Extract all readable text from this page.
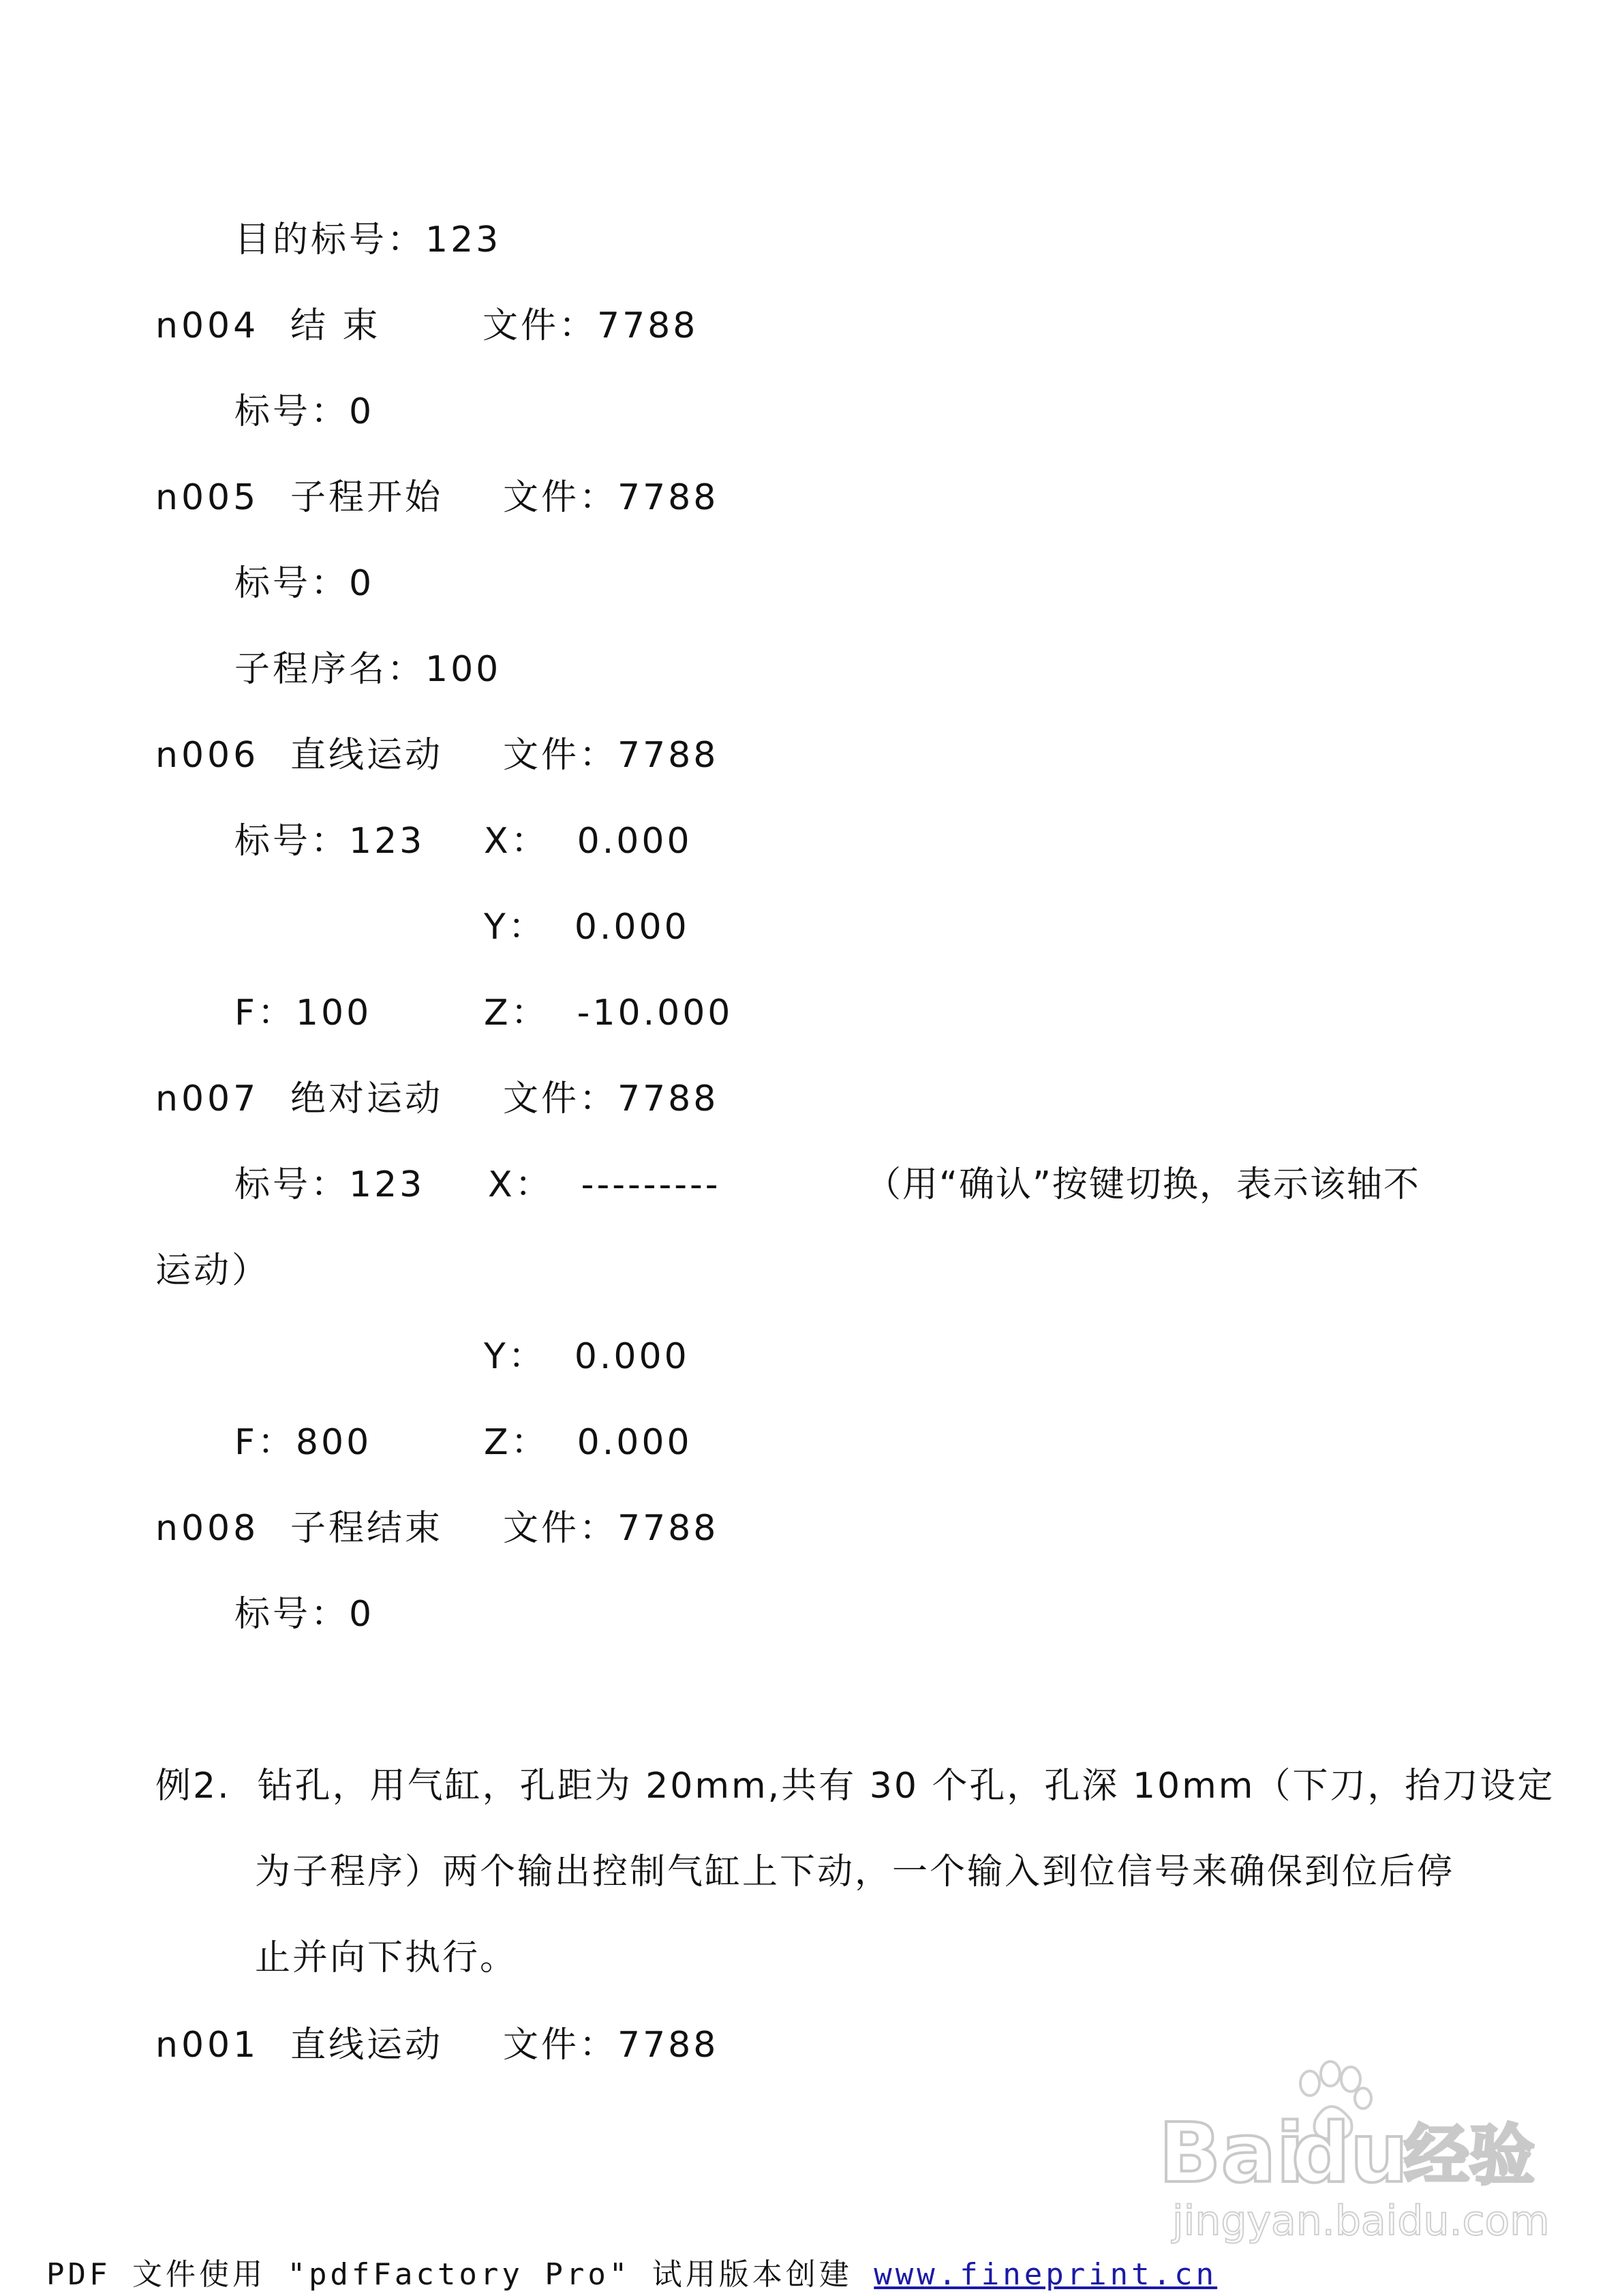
目的标号：123
n004 结 束	文件：7788
标号：0
n005 子程开始 文件：7788
标号：0
子程序名：100
n006 直线运动 文件：7788
标号：123 X：  0.000
Y：  0.000
F：100	Z：  -10.000
n007 绝对运动 文件：7788
标号：123 X：  ---------	（用“确认”按键切换，表示该轴不
运动）
Y：  0.000
F：800	Z：  0.000
n008 子程结束 文件：7788
标号：0
例2.  钻孔，用气缸，孔距为 20mm,共有 30 个孔，孔深 10mm（下刀，抬刀设定
为子程序）两个输出控制气缸上下动，一个输入到位信号来确保到位后停
止并向下执行。
n001 直线运动 文件：7788
Bai
du
经验
jingyan.baidu.com
PDF 文件使用 "pdfFactory Pro" 试用版本创建 www.fineprint.cn
